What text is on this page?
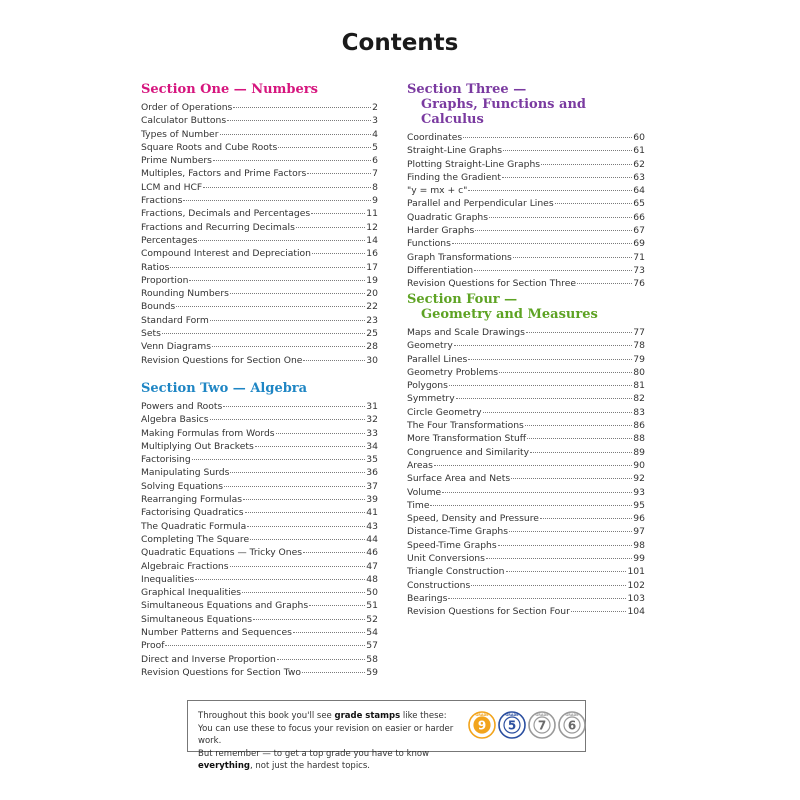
Contents
Section One — Numbers
Order of Operations	2
Calculator Buttons	3
Types of Number	4
Square Roots and Cube Roots	5
Prime Numbers	6
Multiples, Factors and Prime Factors	7
LCM and HCF	8
Fractions	9
Fractions, Decimals and Percentages	11
Fractions and Recurring Decimals	12
Percentages	14
Compound Interest and Depreciation	16
Ratios	17
Proportion	19
Rounding Numbers	20
Bounds	22
Standard Form	23
Sets	25
Venn Diagrams	28
Revision Questions for Section One	30
Section Two — Algebra
Powers and Roots	31
Algebra Basics	32
Making Formulas from Words	33
Multiplying Out Brackets	34
Factorising	35
Manipulating Surds	36
Solving Equations	37
Rearranging Formulas	39
Factorising Quadratics	41
The Quadratic Formula	43
Completing The Square	44
Quadratic Equations — Tricky Ones	46
Algebraic Fractions	47
Inequalities	48
Graphical Inequalities	50
Simultaneous Equations and Graphs	51
Simultaneous Equations	52
Number Patterns and Sequences	54
Proof	57
Direct and Inverse Proportion	58
Revision Questions for Section Two	59
Section Three —
Graphs, Functions and Calculus
Coordinates	60
Straight-Line Graphs	61
Plotting Straight-Line Graphs	62
Finding the Gradient	63
"y = mx + c"	64
Parallel and Perpendicular Lines	65
Quadratic Graphs	66
Harder Graphs	67
Functions	69
Graph Transformations	71
Differentiation	73
Revision Questions for Section Three	76
Section Four —
Geometry and Measures
Maps and Scale Drawings	77
Geometry	78
Parallel Lines	79
Geometry Problems	80
Polygons	81
Symmetry	82
Circle Geometry	83
The Four Transformations	86
More Transformation Stuff	88
Congruence and Similarity	89
Areas	90
Surface Area and Nets	92
Volume	93
Time	95
Speed, Density and Pressure	96
Distance-Time Graphs	97
Speed-Time Graphs	98
Unit Conversions	99
Triangle Construction	101
Constructions	102
Bearings	103
Revision Questions for Section Four	104
Throughout this book you'll see grade stamps like these:
You can use these to focus your revision on easier or harder work.
But remember — to get a top grade you have to know everything, not just the hardest topics.
9
GRADE
5
GRADE
7
GRADE
6
GRADE
